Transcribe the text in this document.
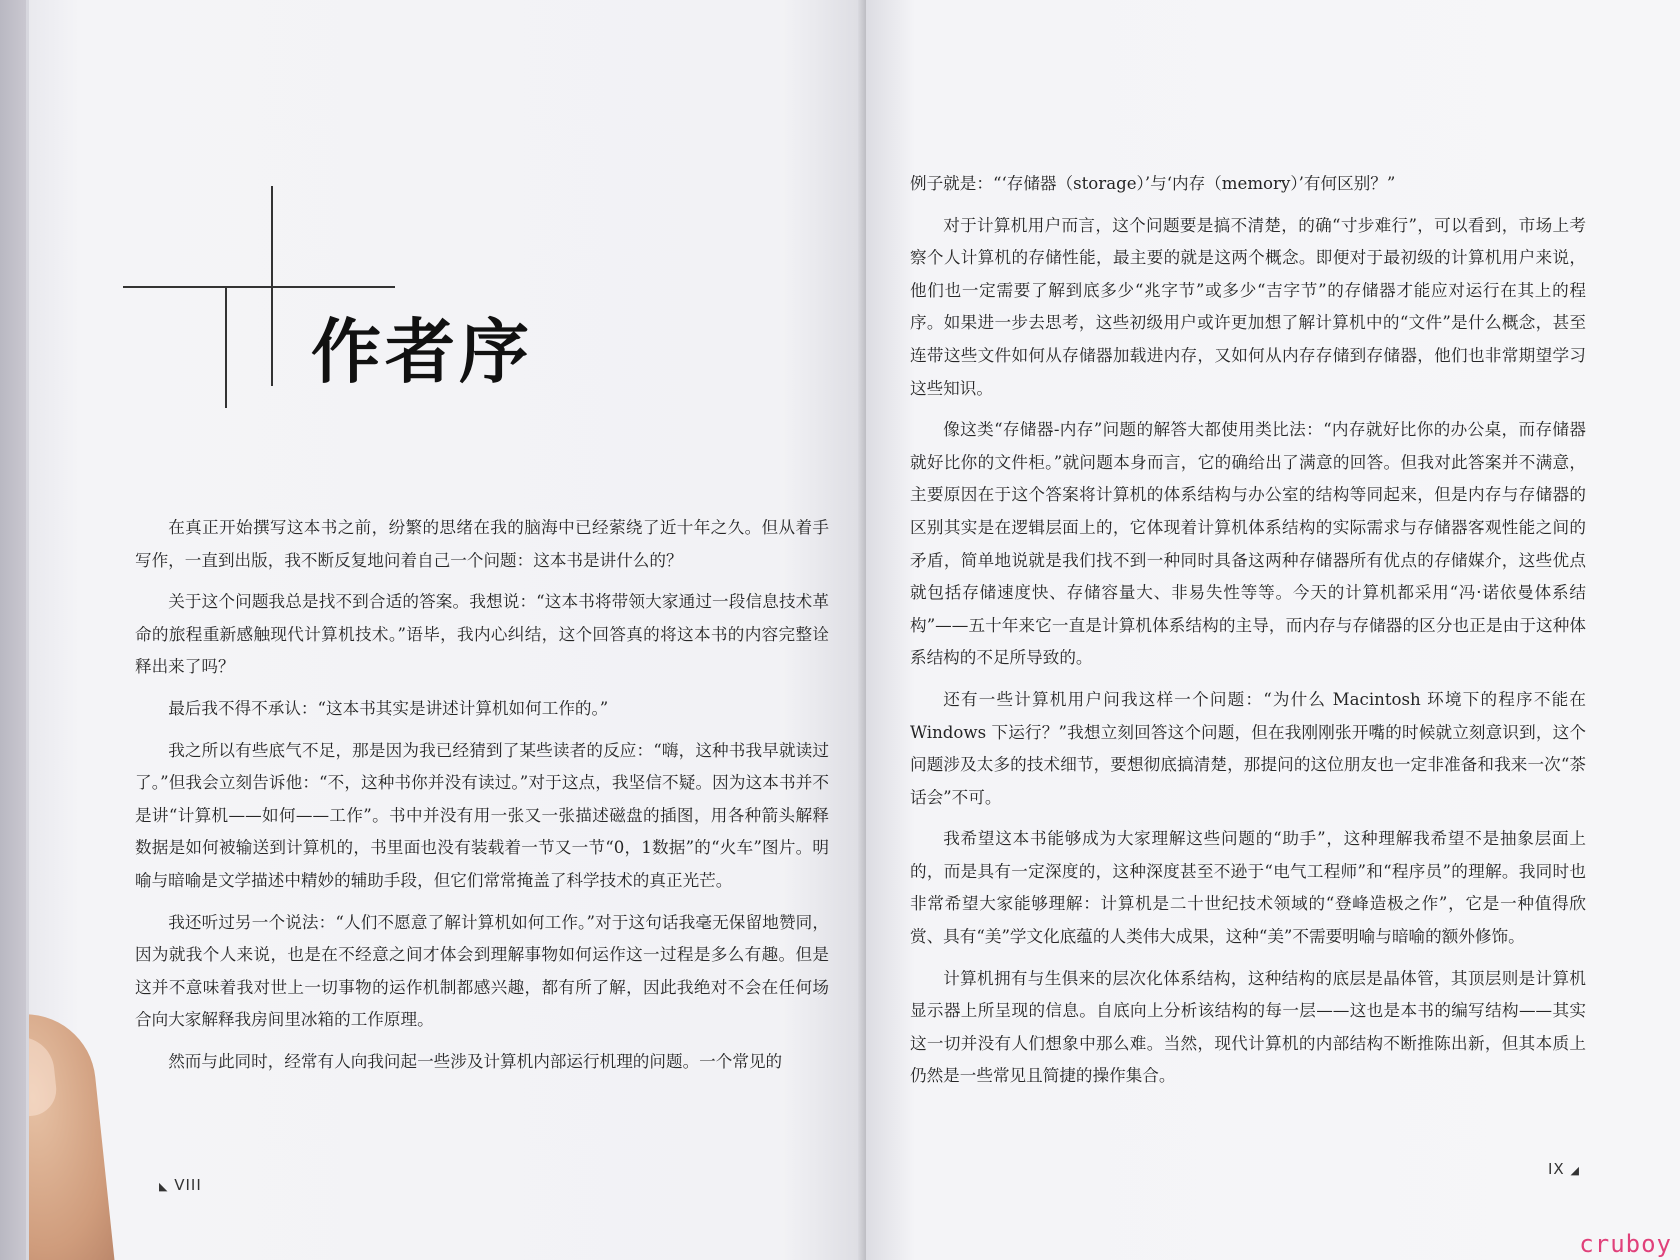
作者序

在真正开始撰写这本书之前，纷繁的思绪在我的脑海中已经萦绕了近十年之久。但从着手写作，一直到出版，我不断反复地问着自己一个问题：这本书是讲什么的？

关于这个问题我总是找不到合适的答案。我想说：“这本书将带领大家通过一段信息技术革命的旅程重新感触现代计算机技术。”语毕，我内心纠结，这个回答真的将这本书的内容完整诠释出来了吗？

最后我不得不承认：“这本书其实是讲述计算机如何工作的。”

我之所以有些底气不足，那是因为我已经猜到了某些读者的反应：“嗨，这种书我早就读过了。”但我会立刻告诉他：“不，这种书你并没有读过。”对于这点，我坚信不疑。因为这本书并不是讲“计算机——如何——工作”。书中并没有用一张又一张描述磁盘的插图，用各种箭头解释数据是如何被输送到计算机的，书里面也没有装载着一节又一节“0，1数据”的“火车”图片。明喻与暗喻是文学描述中精妙的辅助手段，但它们常常掩盖了科学技术的真正光芒。

我还听过另一个说法：“人们不愿意了解计算机如何工作。”对于这句话我毫无保留地赞同，因为就我个人来说，也是在不经意之间才体会到理解事物如何运作这一过程是多么有趣。但是这并不意味着我对世上一切事物的运作机制都感兴趣，都有所了解，因此我绝对不会在任何场合向大家解释我房间里冰箱的工作原理。

然而与此同时，经常有人向我问起一些涉及计算机内部运行机理的问题。一个常见的

◣ VIII

例子就是：“‘存储器（storage）’与‘内存（memory）’有何区别？”

对于计算机用户而言，这个问题要是搞不清楚，的确“寸步难行”，可以看到，市场上考察个人计算机的存储性能，最主要的就是这两个概念。即便对于最初级的计算机用户来说，他们也一定需要了解到底多少“兆字节”或多少“吉字节”的存储器才能应对运行在其上的程序。如果进一步去思考，这些初级用户或许更加想了解计算机中的“文件”是什么概念，甚至连带这些文件如何从存储器加载进内存，又如何从内存存储到存储器，他们也非常期望学习这些知识。

像这类“存储器-内存”问题的解答大都使用类比法：“内存就好比你的办公桌，而存储器就好比你的文件柜。”就问题本身而言，它的确给出了满意的回答。但我对此答案并不满意，主要原因在于这个答案将计算机的体系结构与办公室的结构等同起来，但是内存与存储器的区别其实是在逻辑层面上的，它体现着计算机体系结构的实际需求与存储器客观性能之间的矛盾，简单地说就是我们找不到一种同时具备这两种存储器所有优点的存储媒介，这些优点就包括存储速度快、存储容量大、非易失性等等。今天的计算机都采用“冯·诺依曼体系结构”——五十年来它一直是计算机体系结构的主导，而内存与存储器的区分也正是由于这种体系结构的不足所导致的。

还有一些计算机用户问我这样一个问题：“为什么 Macintosh 环境下的程序不能在 Windows 下运行？”我想立刻回答这个问题，但在我刚刚张开嘴的时候就立刻意识到，这个问题涉及太多的技术细节，要想彻底搞清楚，那提问的这位朋友也一定非准备和我来一次“茶话会”不可。

我希望这本书能够成为大家理解这些问题的“助手”，这种理解我希望不是抽象层面上的，而是具有一定深度的，这种深度甚至不逊于“电气工程师”和“程序员”的理解。我同时也非常希望大家能够理解：计算机是二十世纪技术领域的“登峰造极之作”，它是一种值得欣赏、具有“美”学文化底蕴的人类伟大成果，这种“美”不需要明喻与暗喻的额外修饰。

计算机拥有与生俱来的层次化体系结构，这种结构的底层是晶体管，其顶层则是计算机显示器上所呈现的信息。自底向上分析该结构的每一层——这也是本书的编写结构——其实这一切并没有人们想象中那么难。当然，现代计算机的内部结构不断推陈出新，但其本质上仍然是一些常见且简捷的操作集合。

IX ◢
cruboy
